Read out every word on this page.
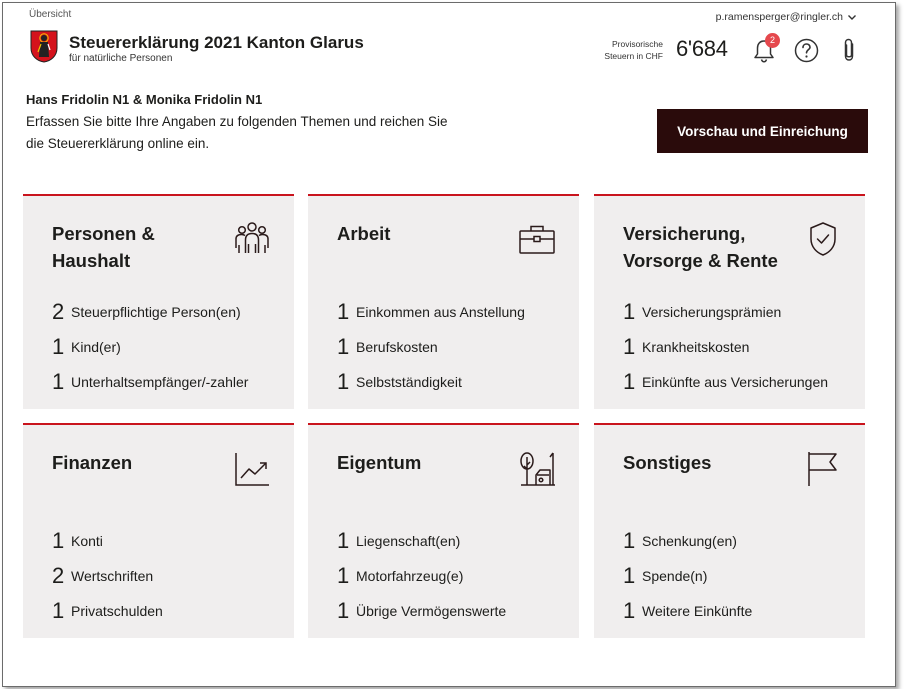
Übersicht	p.ramensperger@ringler.ch
Steuererklärung 2021 Kanton Glarus
für natürliche Personen
Provisorische
Steuern in CHF 6'684	2
Hans Fridolin N1 & Monika Fridolin N1
Erfassen Sie bitte Ihre Angaben zu folgenden Themen und reichen Sie die Steuererklärung online ein.
Vorschau und Einreichung
Personen & Haushalt
2 Steuerpflichtige Person(en)
1 Kind(er)
1 Unterhaltsempfänger/-zahler
Arbeit
1 Einkommen aus Anstellung
1 Berufskosten
1 Selbstständigkeit
Versicherung, Vorsorge & Rente
1 Versicherungsprämien
1 Krankheitskosten
1 Einkünfte aus Versicherungen
Finanzen
1 Konti
2 Wertschriften
1 Privatschulden
Eigentum
1 Liegenschaft(en)
1 Motorfahrzeug(e)
1 Übrige Vermögenswerte
Sonstiges
1 Schenkung(en)
1 Spende(n)
1 Weitere Einkünfte
